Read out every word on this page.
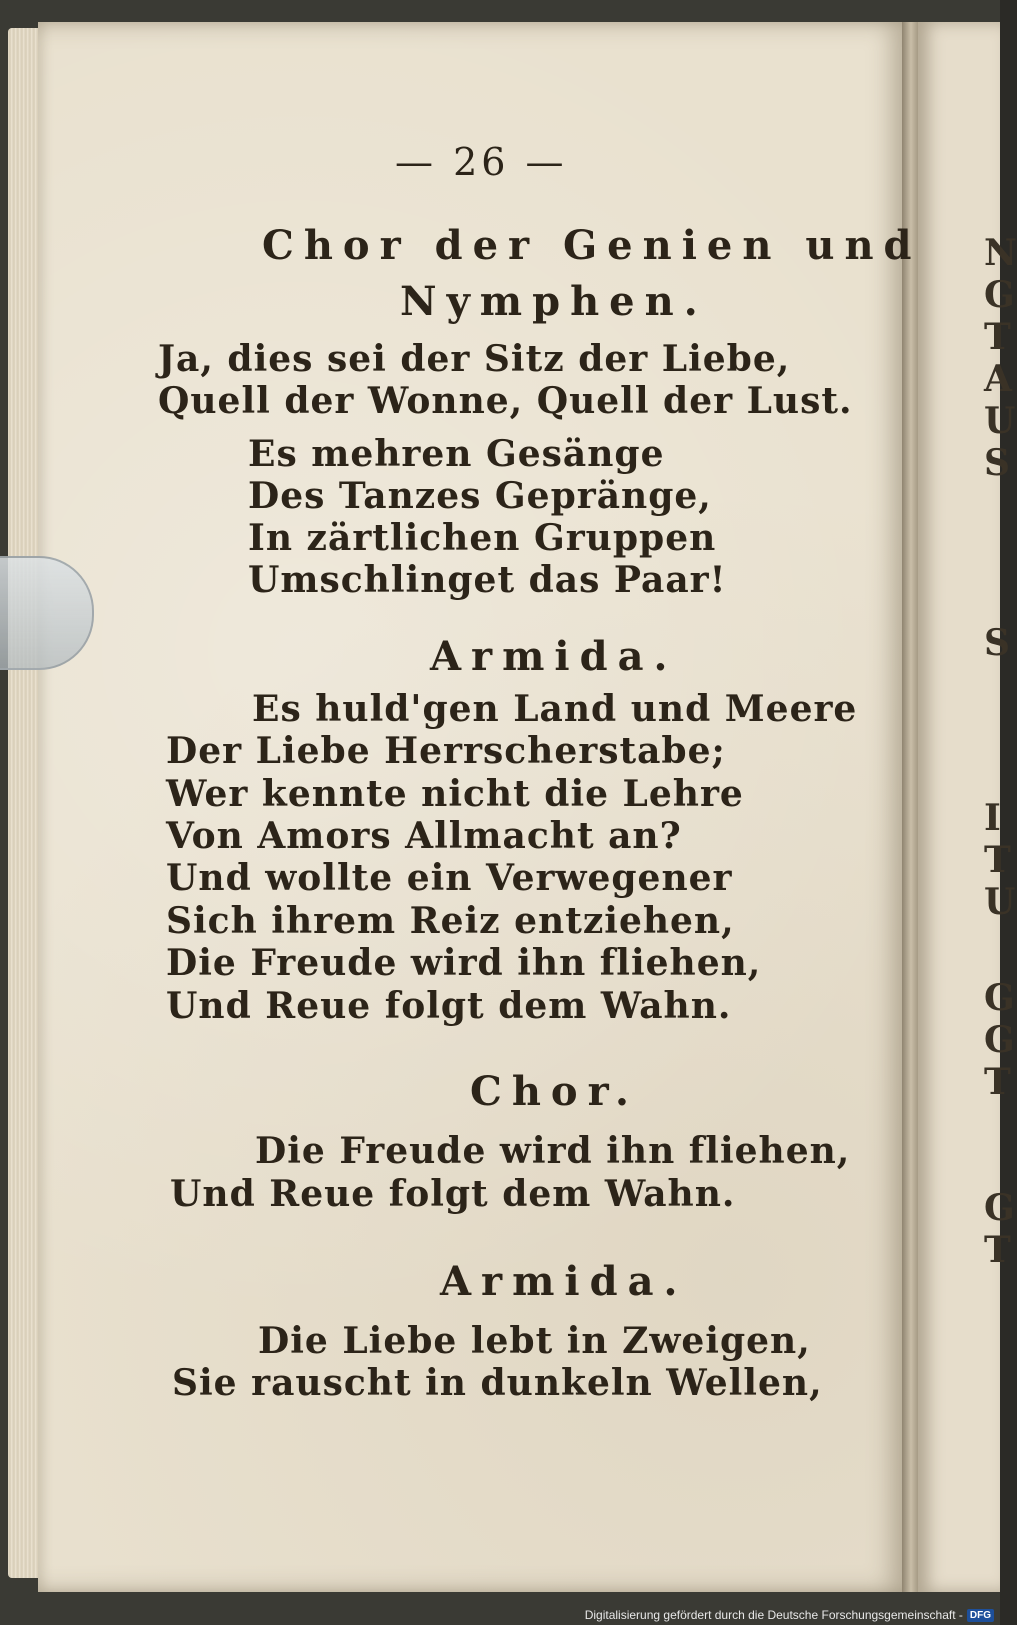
N
G
T
A
U
S
S
I
T
U
G
G
T
G
T
— 26 —
Chor der Genien und
Nymphen.
Ja, dies sei der Sitz der Liebe,
Quell der Wonne, Quell der Lust.
Es mehren Gesänge
Des Tanzes Gepränge,
In zärtlichen Gruppen
Umschlinget das Paar!
Armida.
Es huld'gen Land und Meere
Der Liebe Herrscherstabe;
Wer kennte nicht die Lehre
Von Amors Allmacht an?
Und wollte ein Verwegener
Sich ihrem Reiz entziehen,
Die Freude wird ihn fliehen,
Und Reue folgt dem Wahn.
Chor.
Die Freude wird ihn fliehen,
Und Reue folgt dem Wahn.
Armida.
Die Liebe lebt in Zweigen,
Sie rauscht in dunkeln Wellen,
Digitalisierung gefördert durch die Deutsche Forschungsgemeinschaft - DFG
